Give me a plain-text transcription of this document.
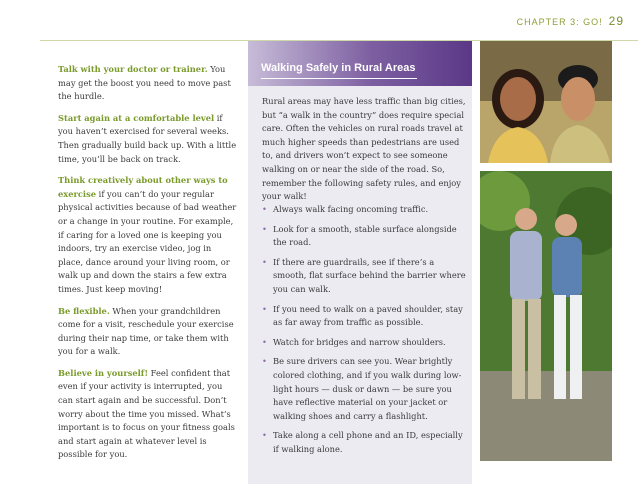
CHAPTER 3: GO! 29

Talk with your doctor or trainer. You may get the boost you need to move past the hurdle.

Start again at a comfortable level if you haven’t exercised for several weeks. Then gradually build back up. With a little time, you’ll be back on track.

Think creatively about other ways to exercise if you can’t do your regular physical activities because of bad weather or a change in your routine. For example, if caring for a loved one is keeping you indoors, try an exercise video, jog in place, dance around your living room, or walk up and down the stairs a few extra times. Just keep moving!

Be flexible. When your grandchildren come for a visit, reschedule your exercise during their nap time, or take them with you for a walk.

Believe in yourself! Feel confident that even if your activity is interrupted, you can start again and be successful. Don’t worry about the time you missed. What’s important is to focus on your fitness goals and start again at whatever level is possible for you.

Walking Safely in Rural Areas

Rural areas may have less traffic than big cities, but “a walk in the country” does require special care. Often the vehicles on rural roads travel at much higher speeds than pedestrians are used to, and drivers won’t expect to see someone walking on or near the side of the road. So, remember the following safety rules, and enjoy your walk!

• Always walk facing oncoming traffic.
• Look for a smooth, stable surface alongside the road.
• If there are guardrails, see if there’s a smooth, flat surface behind the barrier where you can walk.
• If you need to walk on a paved shoulder, stay as far away from traffic as possible.
• Watch for bridges and narrow shoulders.
• Be sure drivers can see you. Wear brightly colored clothing, and if you walk during low-light hours — dusk or dawn — be sure you have reflective material on your jacket or walking shoes and carry a flashlight.
• Take along a cell phone and an ID, especially if walking alone.
